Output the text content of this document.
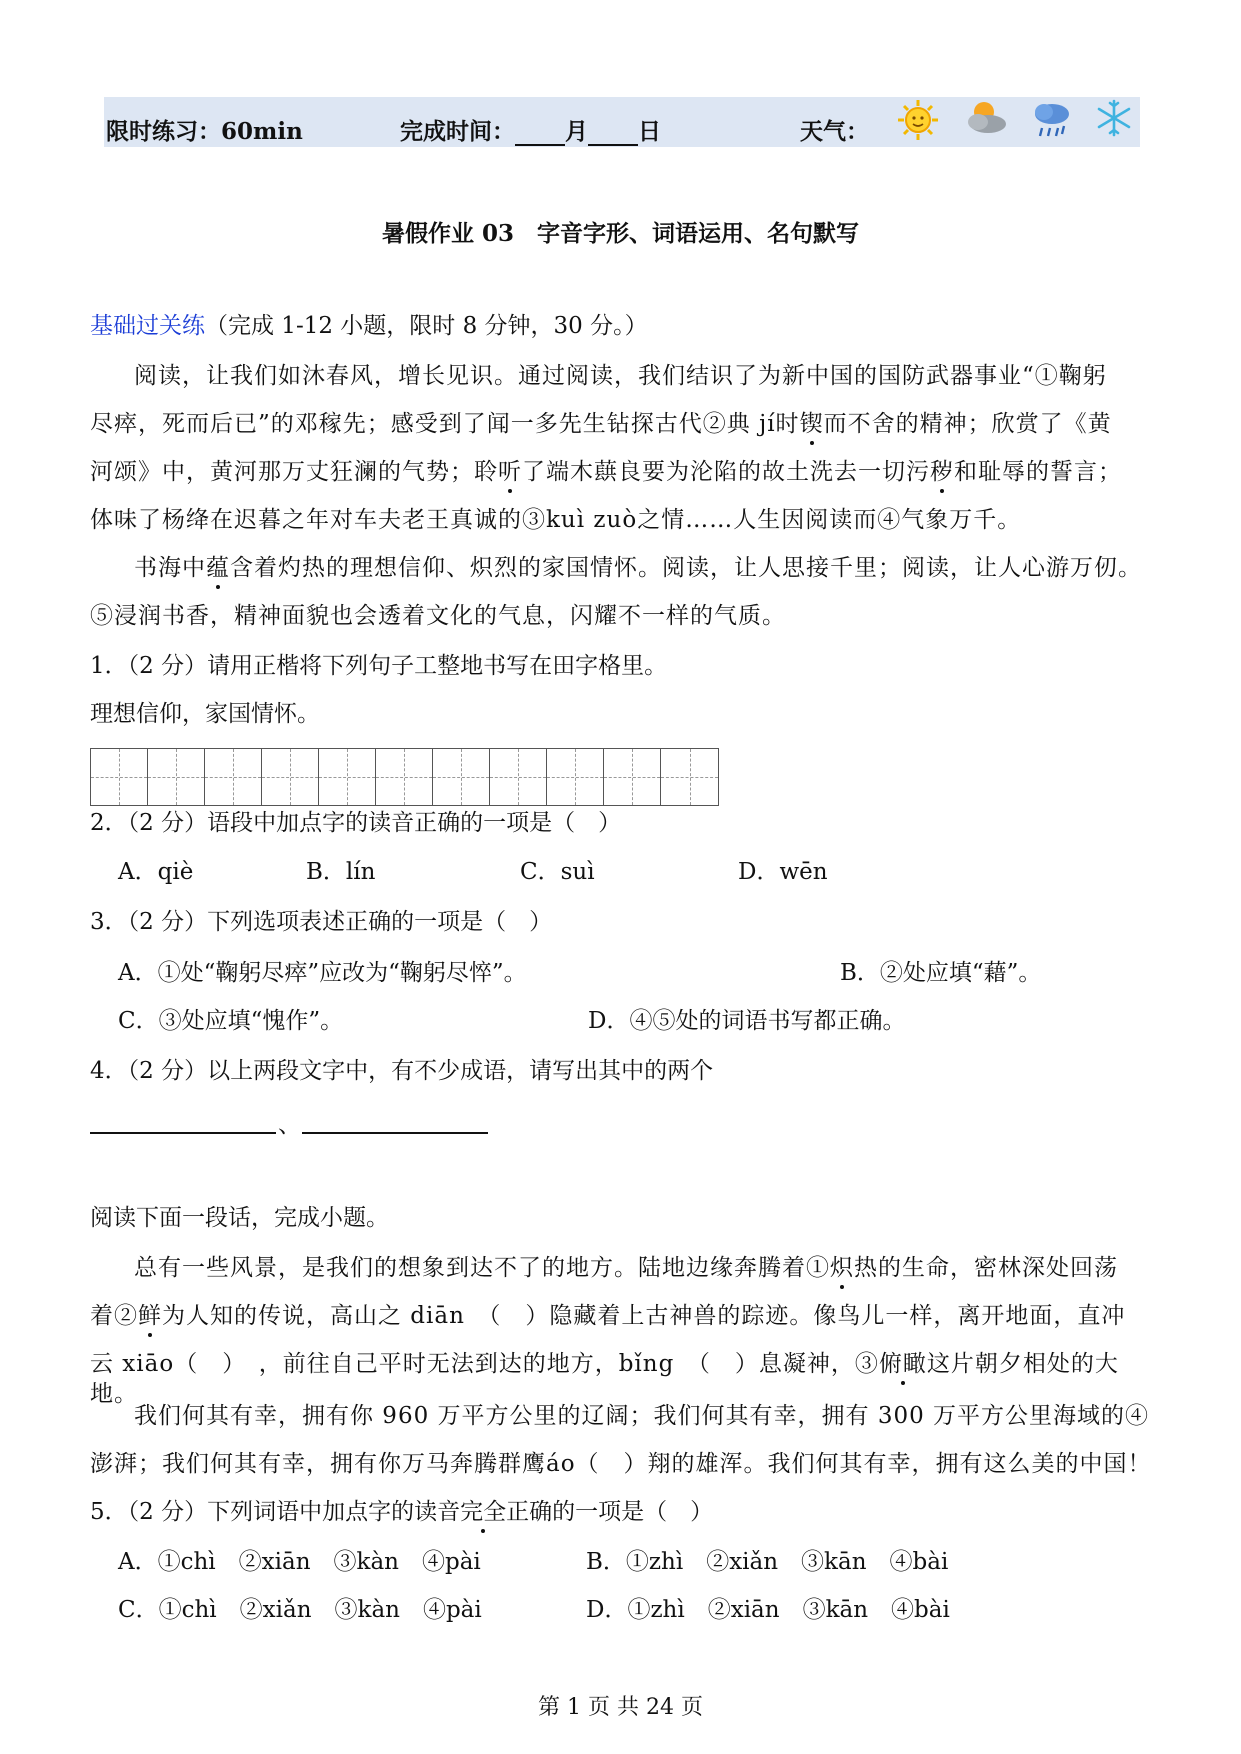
限时练习：60min	完成时间： 月 日	天气：
暑假作业 03　字音字形、词语运用、名句默写
基础过关练（完成 1-12 小题，限时 8 分钟，30 分。）
阅读，让我们如沐春风，增长见识。通过阅读，我们结识了为新中国的国防武器事业“①鞠躬
尽瘁，死而后已”的邓稼先；感受到了闻一多先生钻探古代②典 jí时锲而不舍的精神；欣赏了《黄
河颂》中，黄河那万丈狂澜的气势；聆听了端木蕻良要为沦陷的故土洗去一切污秽和耻辱的誓言；
体味了杨绛在迟暮之年对车夫老王真诚的③kuì zuò之情……人生因阅读而④气象万千。
书海中蕴含着灼热的理想信仰、炽烈的家国情怀。阅读，让人思接千里；阅读，让人心游万仞。
⑤浸润书香，精神面貌也会透着文化的气息，闪耀不一样的气质。
1．（2 分）请用正楷将下列句子工整地书写在田字格里。
理想信仰，家国情怀。
2．（2 分）语段中加点字的读音正确的一项是（　）
A．qiè	B．lín	C．suì	D．wēn
3．（2 分）下列选项表述正确的一项是（　）
A．①处“鞠躬尽瘁”应改为“鞠躬尽悴”。	B．②处应填“藉”。
C．③处应填“愧作”。	D．④⑤处的词语书写都正确。
4．（2 分）以上两段文字中，有不少成语，请写出其中的两个
、
阅读下面一段话，完成小题。
总有一些风景，是我们的想象到达不了的地方。陆地边缘奔腾着①炽热的生命，密林深处回荡
着②鲜为人知的传说，高山之 diān　（　）隐藏着上古神兽的踪迹。像鸟儿一样，离开地面，直冲
云 xiāo（　）　，前往自己平时无法到达的地方，bǐng　（　）息凝神，③俯瞰这片朝夕相处的大地。
我们何其有幸，拥有你 960 万平方公里的辽阔；我们何其有幸，拥有 300 万平方公里海域的④
澎湃；我们何其有幸，拥有你万马奔腾群鹰áo（　）翔的雄浑。我们何其有幸，拥有这么美的中国！
5．（2 分）下列词语中加点字的读音完全正确的一项是（　）
A．①chì　②xiān　③kàn　④pài	B．①zhì　②xiǎn　③kān　④bài
C．①chì　②xiǎn　③kàn　④pài	D．①zhì　②xiān　③kān　④bài
第 1 页 共 24 页
